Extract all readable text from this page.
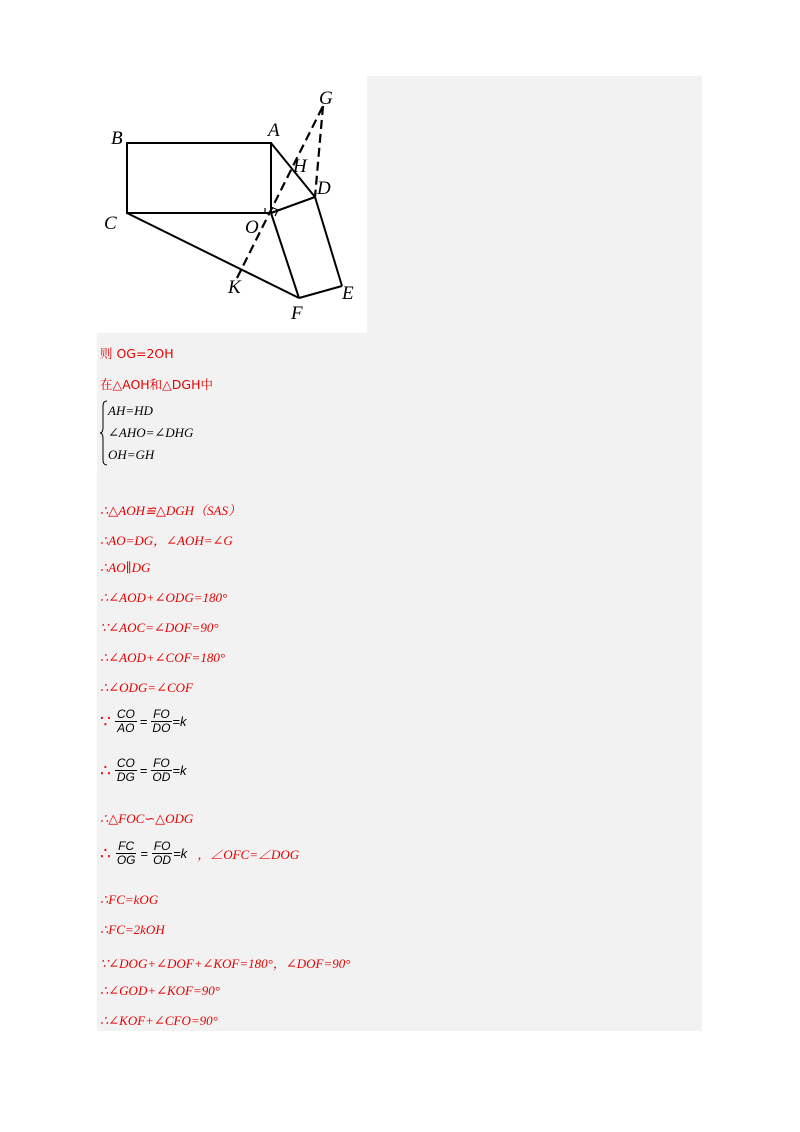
B	A
C	O
H
D
G
E
F
K
则 OG=2OH
在△AOH和△DGH中
AH=HD
∠AHO=∠DHG
OH=GH
∴△AOH≌△DGH（SAS）
∴AO=DG，∠AOH=∠G
∴AO∥DG
∴∠AOD+∠ODG=180°
∵∠AOC=∠DOF=90°
∴∠AOD+∠COF=180°
∴∠ODG=∠COF
∵ $\frac{CO}{AO} = \frac{FO}{DO} =k$
∴ $\frac{CO}{DG} = \frac{FO}{OD} =k$
∴△FOC∽△ODG
∴ $\frac{FC}{OG} = \frac{FO}{OD} =k$ ，∠OFC=∠DOG
∴FC=kOG
∴FC=2kOH
∵∠DOG+∠DOF+∠KOF=180°，∠DOF=90°
∴∠GOD+∠KOF=90°
∴∠KOF+∠CFO=90°
